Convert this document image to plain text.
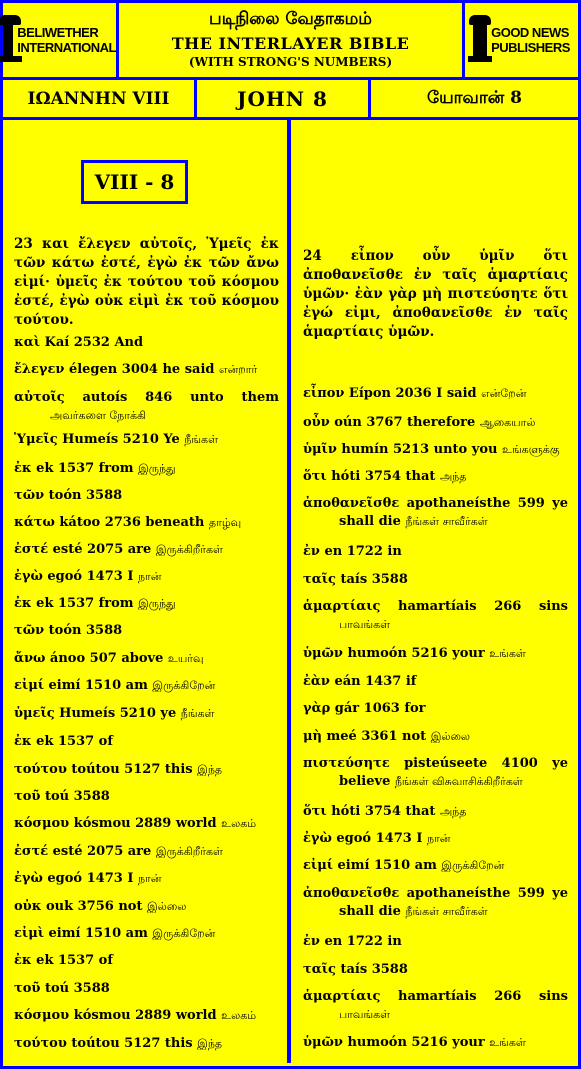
BELIWETHER
INTERNATIONAL
படிநிலை வேதாகமம்
THE INTERLAYER BIBLE
(WITH STRONG'S NUMBERS)
GOOD NEWS
PUBLISHERS
ΙΩΑΝΝΗΝ VIII	JOHN 8	யோவான் 8
VIII - 8
23 και ἔλεγεν αὐτοῖς, Ὑμεῖς ἐκ τῶν κάτω ἐστέ, ἐγὼ ἐκ τῶν ἄνω εἰμί· ὑμεῖς ἐκ τούτου τοῦ κόσμου ἐστέ, ἐγὼ οὐκ εἰμὶ ἐκ τοῦ κόσμου τούτου.
καὶ Kaí 2532 And
ἔλεγεν élegen 3004 he said என்றார்
αὐτοῖς autoís 846 unto them
அவர்களை நோக்கி
Ὑμεῖς Humeís 5210 Ye நீங்கள்
ἐκ ek 1537 from இருந்து
τῶν toón 3588
κάτω kátoo 2736 beneath தாழ்வு
ἐστέ esté 2075 are இருக்கிறீர்கள்
ἐγὼ egoó 1473 I நான்
ἐκ ek 1537 from இருந்து
τῶν toón 3588
ἄνω ánoo 507 above உயர்வு
εἰμί eimí 1510 am இருக்கிறேன்
ὑμεῖς Humeís 5210 ye நீங்கள்
ἐκ ek 1537 of
τούτου toútou 5127 this இந்த
τοῦ toú 3588
κόσμου kósmou 2889 world உலகம்
ἐστέ esté 2075 are இருக்கிறீர்கள்
ἐγὼ egoó 1473 I நான்
οὐκ ouk 3756 not இல்லை
εἰμὶ eimí 1510 am இருக்கிறேன்
ἐκ ek 1537 of
τοῦ toú 3588
κόσμου kósmou 2889 world உலகம்
τούτου toútou 5127 this இந்த
24 εἶπον οὖν ὑμῖν ὅτι ἀποθανεῖσθε ἐν ταῖς ἁμαρτίαις ὑμῶν· ἐὰν γὰρ μὴ πιστεύσητε ὅτι ἐγώ εἰμι, ἀποθανεῖσθε ἐν ταῖς ἁμαρτίαις ὑμῶν.
εἶπον Eípon 2036 I said என்றேன்
οὖν oún 3767 therefore ஆகையால்
ὑμῖν humín 5213 unto you உங்களுக்கு
ὅτι hóti 3754 that அந்த
ἀποθανεῖσθε apothaneísthe 599 ye
shall die நீங்கள் சாவீர்கள்
ἐν en 1722 in
ταῖς taís 3588
ἁμαρτίαις hamartíais 266 sins
பாவங்கள்
ὑμῶν humoón 5216 your உங்கள்
ἐὰν eán 1437 if
γὰρ gár 1063 for
μὴ meé 3361 not இல்லை
πιστεύσητε pisteúseete 4100 ye
believe நீங்கள் விசுவாசிக்கிறீர்கள்
ὅτι hóti 3754 that அந்த
ἐγὼ egoó 1473 I நான்
εἰμί eimí 1510 am இருக்கிறேன்
ἀποθανεῖσθε apothaneísthe 599 ye
shall die நீங்கள் சாவீர்கள்
ἐν en 1722 in
ταῖς taís 3588
ἁμαρτίαις hamartíais 266 sins
பாவங்கள்
ὑμῶν humoón 5216 your உங்கள்
